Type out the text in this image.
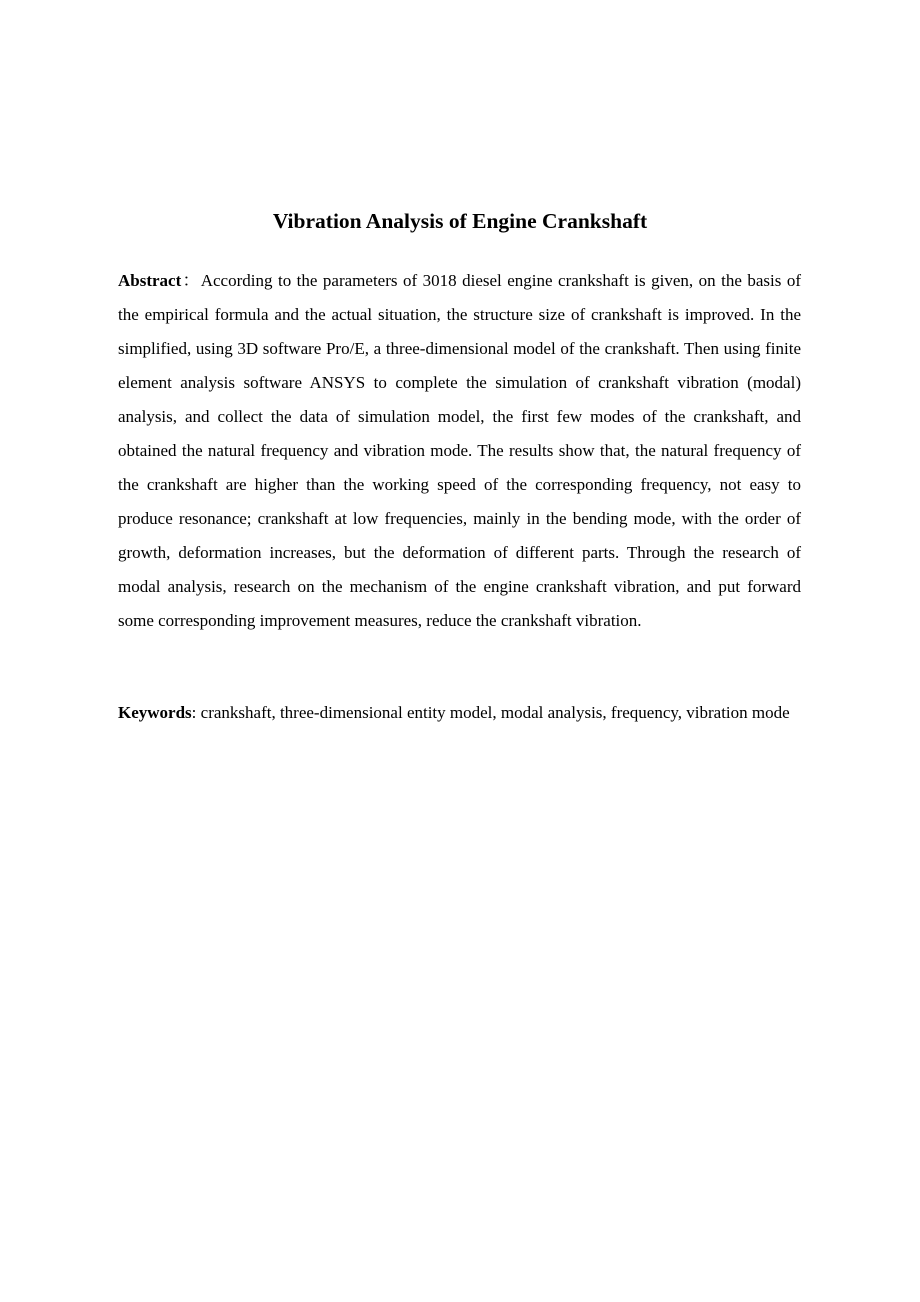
Vibration Analysis of Engine Crankshaft

Abstract：According to the parameters of 3018 diesel engine crankshaft is given, on the basis of the empirical formula and the actual situation, the structure size of crankshaft is improved. In the simplified, using 3D software Pro/E, a three-dimensional model of the crankshaft. Then using finite element analysis software ANSYS to complete the simulation of crankshaft vibration (modal) analysis, and collect the data of simulation model, the first few modes of the crankshaft, and obtained the natural frequency and vibration mode. The results show that, the natural frequency of the crankshaft are higher than the working speed of the corresponding frequency, not easy to produce resonance; crankshaft at low frequencies, mainly in the bending mode, with the order of growth, deformation increases, but the deformation of different parts. Through the research of modal analysis, research on the mechanism of the engine crankshaft vibration, and put forward some corresponding improvement measures, reduce the crankshaft vibration.

Keywords: crankshaft, three-dimensional entity model, modal analysis, frequency, vibration mode
